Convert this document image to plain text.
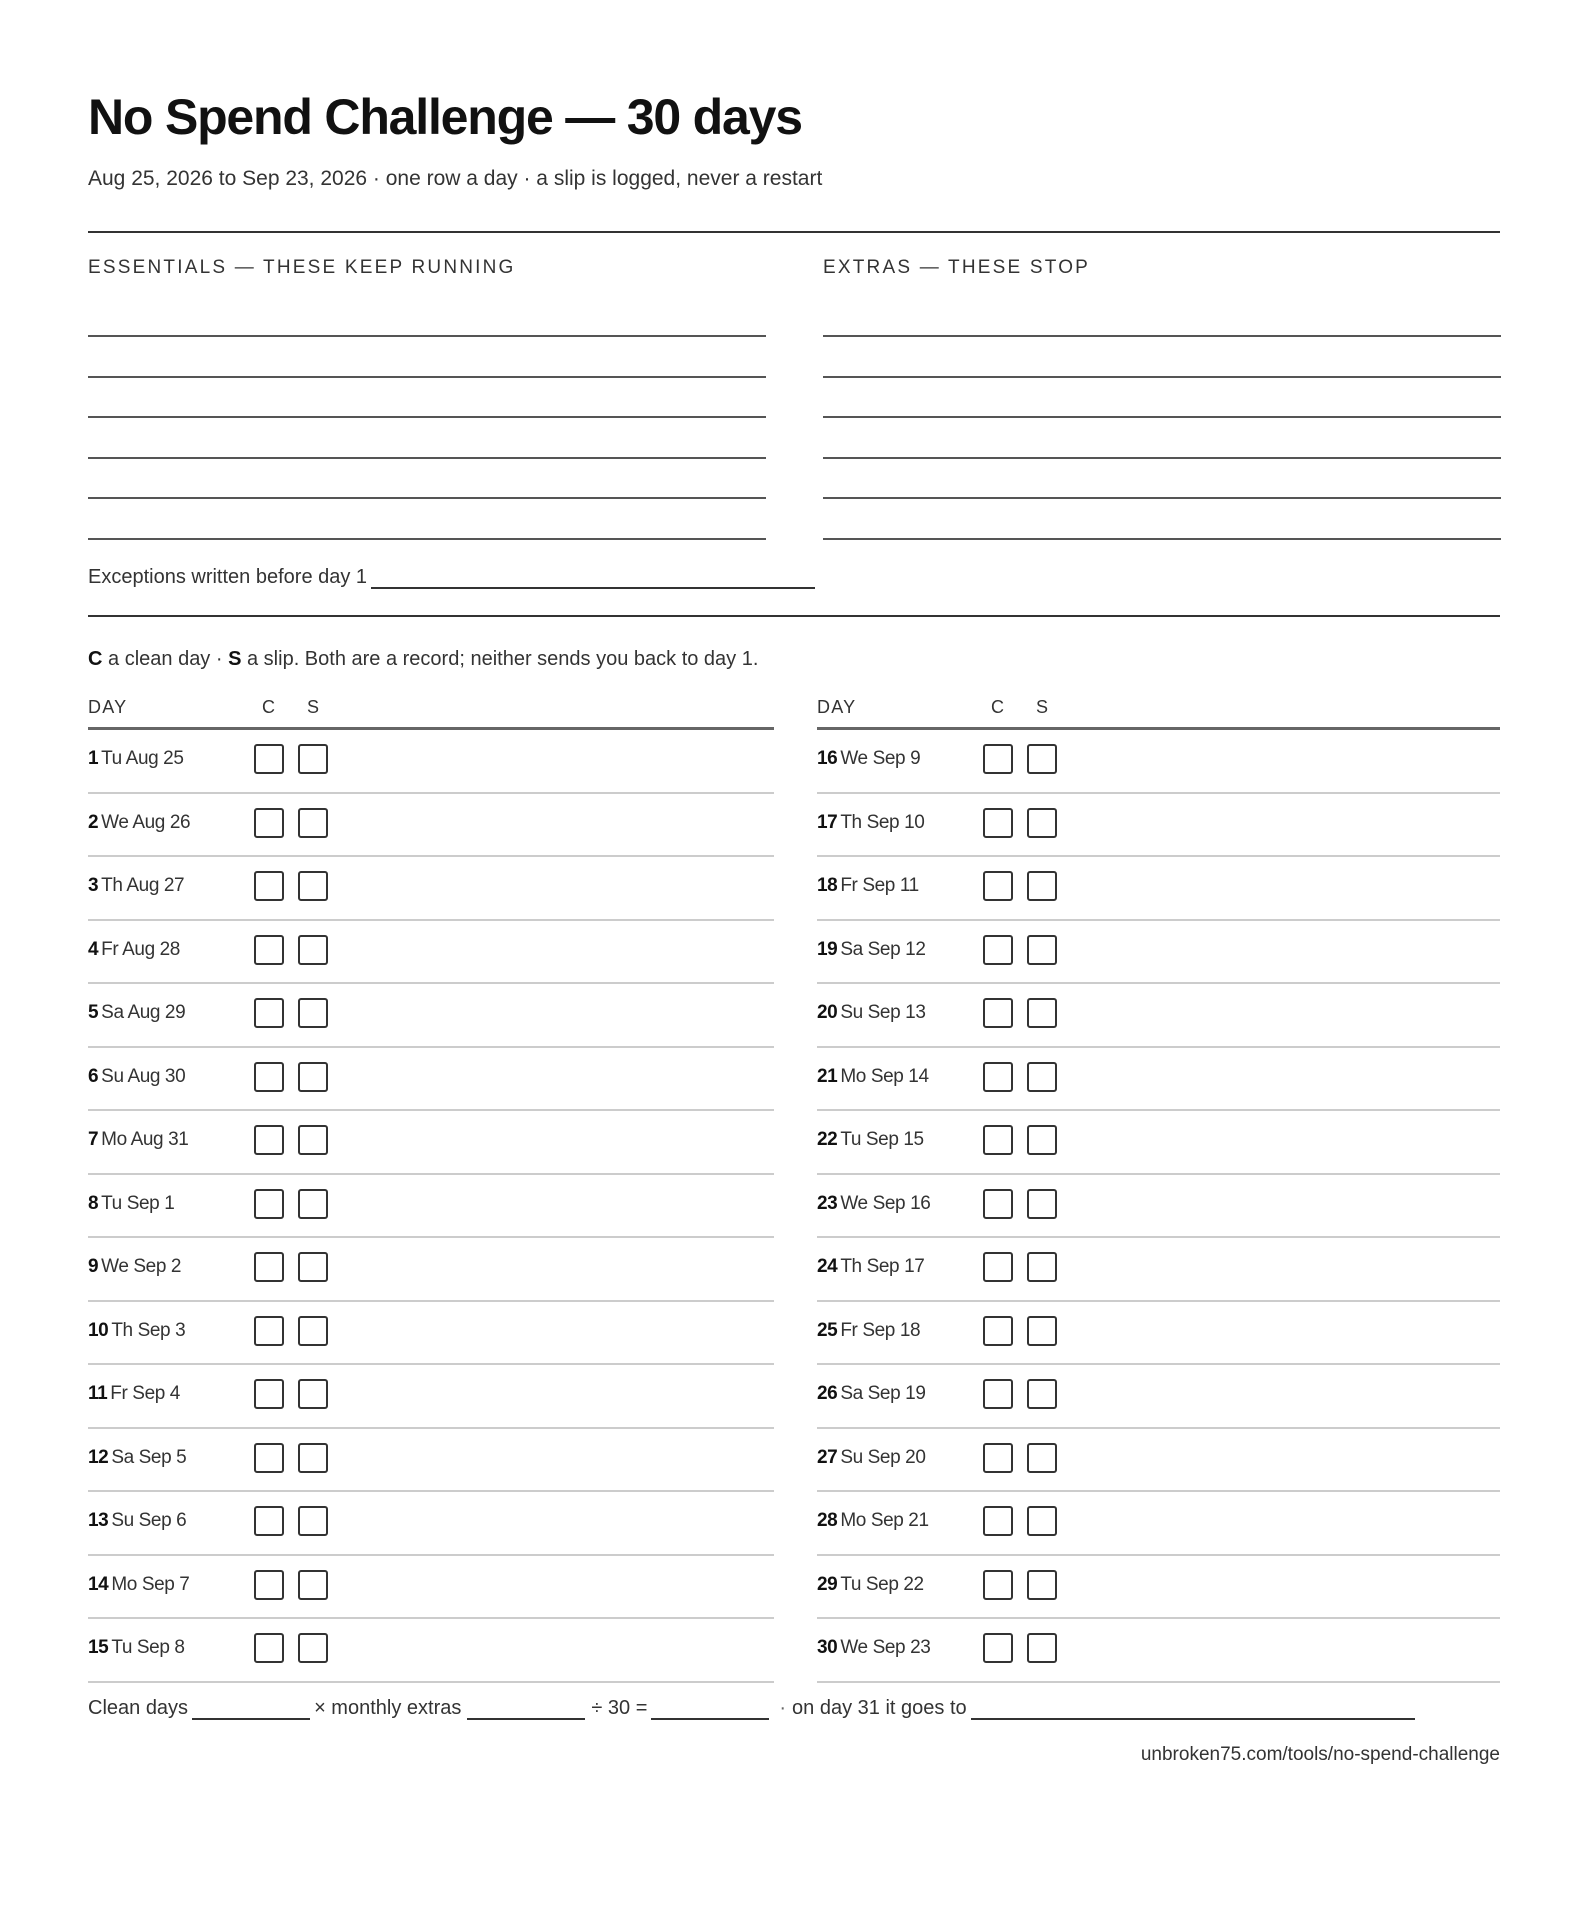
No Spend Challenge — 30 days
Aug 25, 2026 to Sep 23, 2026 · one row a day · a slip is logged, never a restart
ESSENTIALS — THESE KEEP RUNNING	EXTRAS — THESE STOP
Exceptions written before day 1
C a clean day · S a slip. Both are a record; neither sends you back to day 1.
DAY	C S
1 Tu Aug 25
2 We Aug 26
3 Th Aug 27
4 Fr Aug 28
5 Sa Aug 29
6 Su Aug 30
7 Mo Aug 31
8 Tu Sep 1
9 We Sep 2
10 Th Sep 3
11 Fr Sep 4
12 Sa Sep 5
13 Su Sep 6
14 Mo Sep 7
15 Tu Sep 8
DAY	C S
16 We Sep 9
17 Th Sep 10
18 Fr Sep 11
19 Sa Sep 12
20 Su Sep 13
21 Mo Sep 14
22 Tu Sep 15
23 We Sep 16
24 Th Sep 17
25 Fr Sep 18
26 Sa Sep 19
27 Su Sep 20
28 Mo Sep 21
29 Tu Sep 22
30 We Sep 23
Clean days	× monthly extras	÷ 30 =	· on day 31 it goes to
unbroken75.com/tools/no-spend-challenge
